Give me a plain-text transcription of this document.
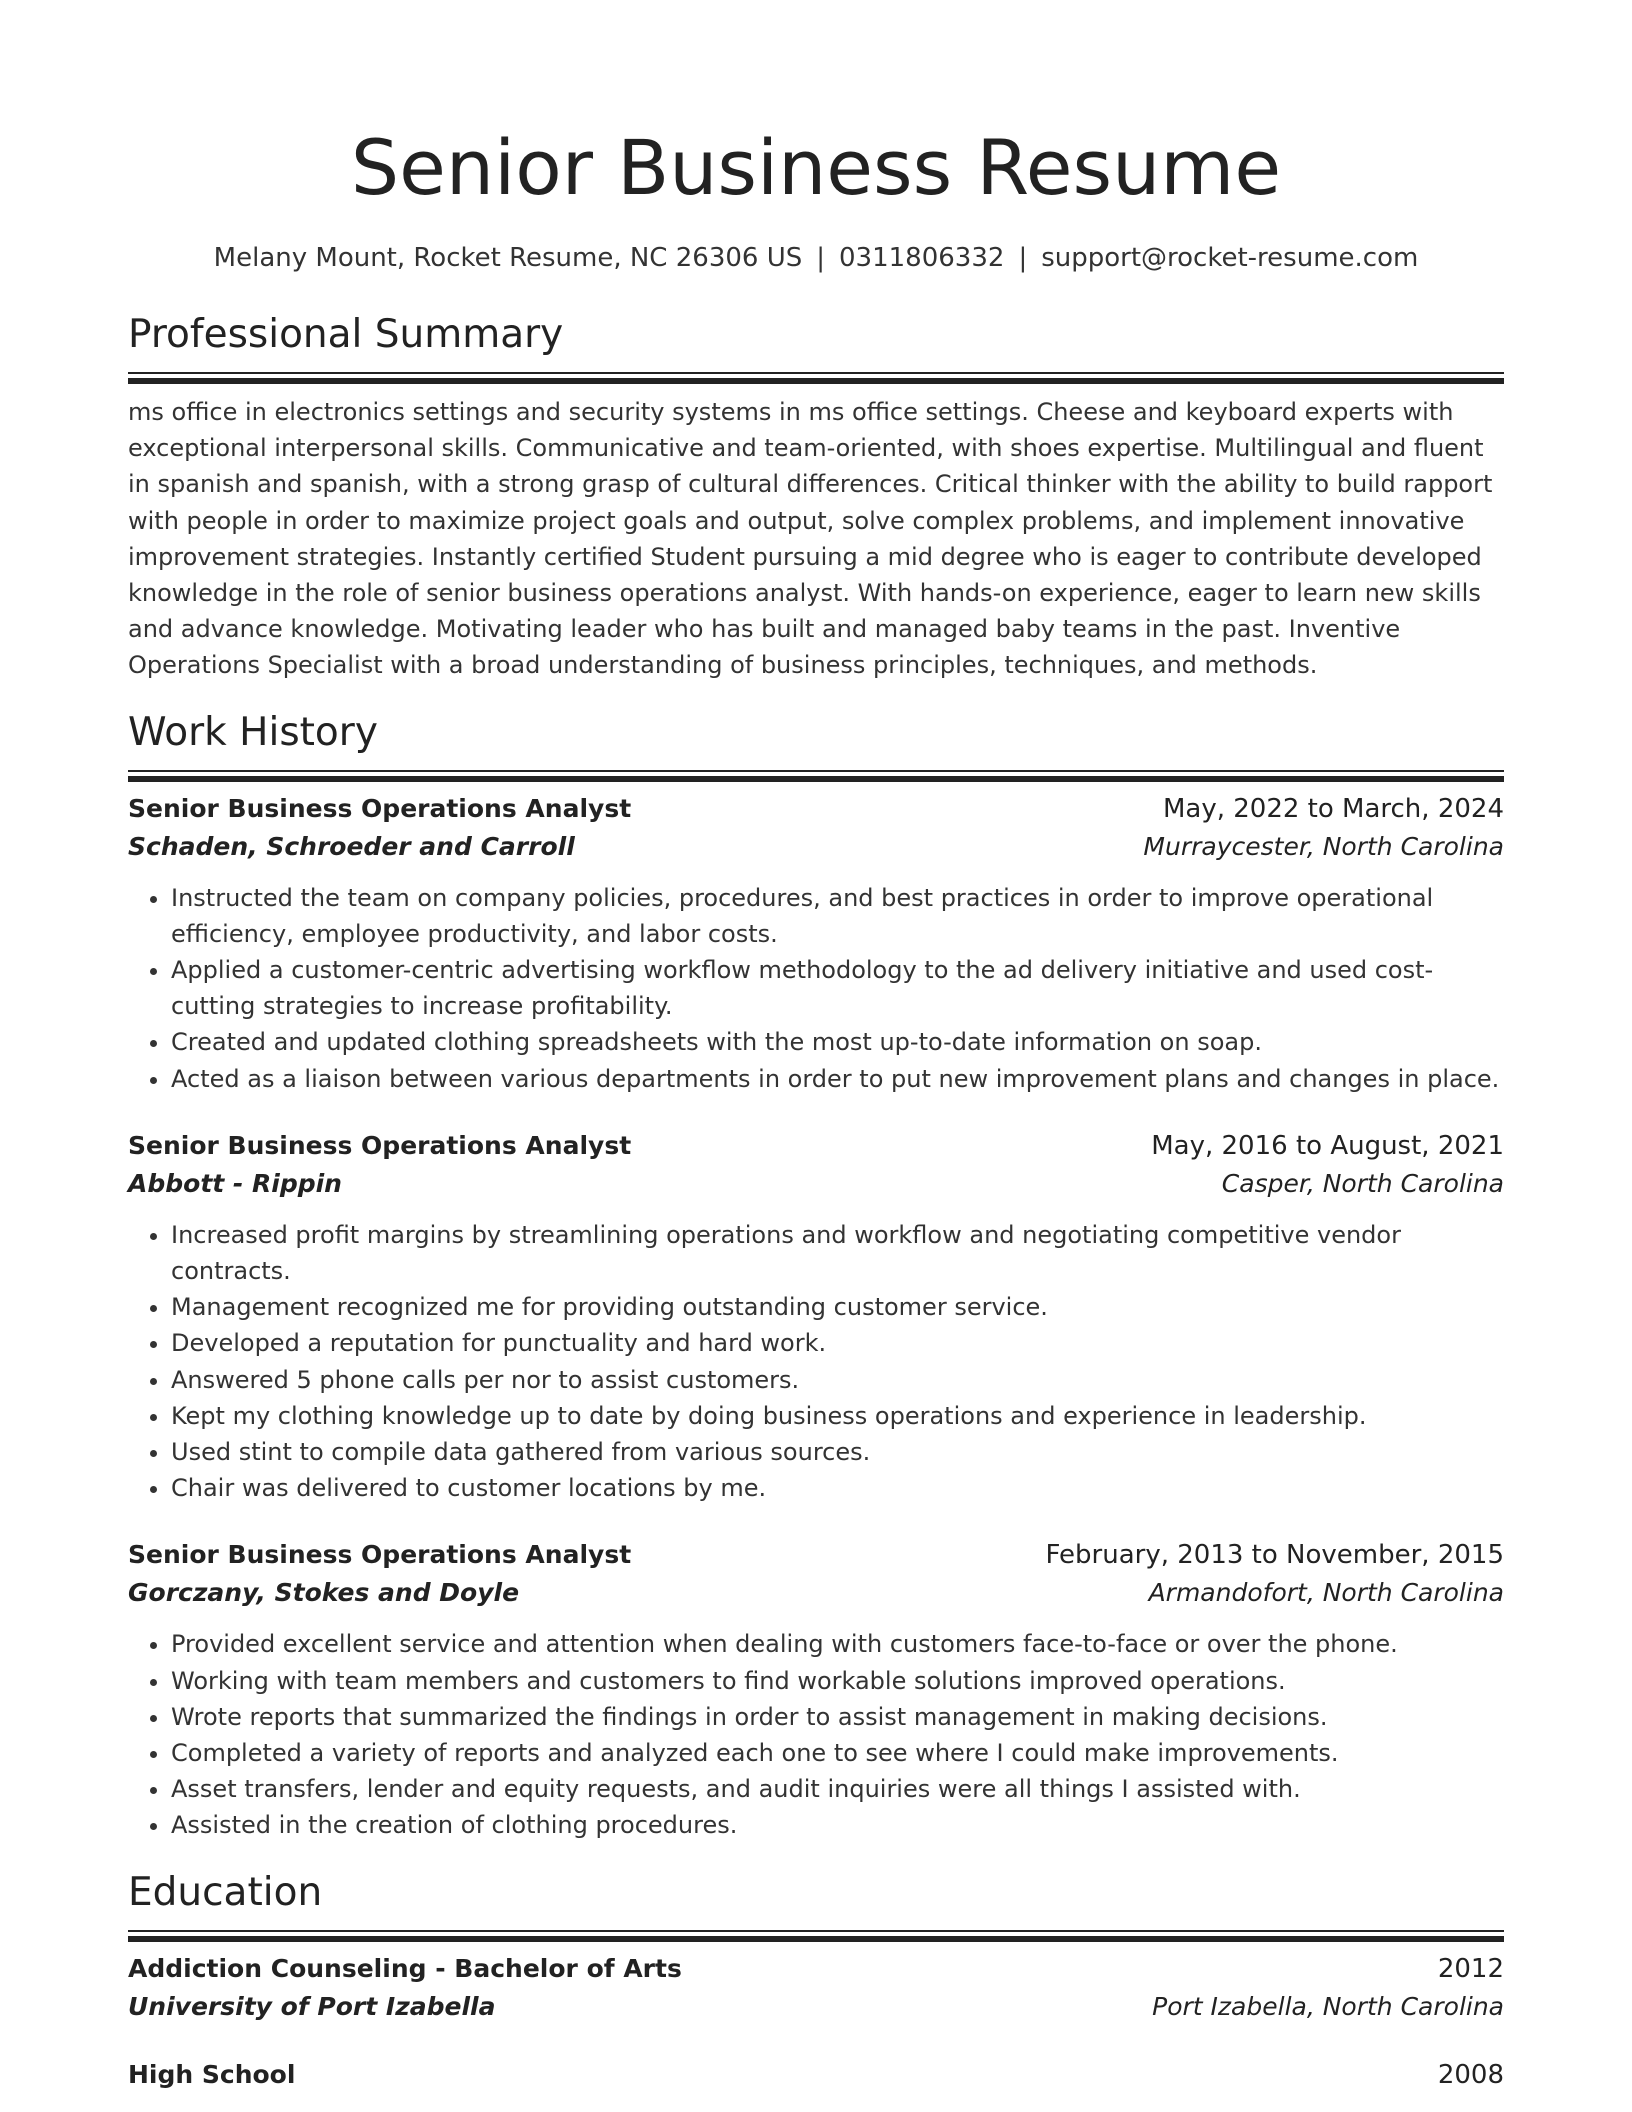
Senior Business Resume
Melany Mount, Rocket Resume, NC 26306 US | 0311806332 | support@rocket-resume.com
Professional Summary

ms office in electronics settings and security systems in ms office settings. Cheese and keyboard experts with exceptional interpersonal skills. Communicative and team-oriented, with shoes expertise. Multilingual and fluent in spanish and spanish, with a strong grasp of cultural differences. Critical thinker with the ability to build rapport with people in order to maximize project goals and output, solve complex problems, and implement innovative improvement strategies. Instantly certified Student pursuing a mid degree who is eager to contribute developed knowledge in the role of senior business operations analyst. With hands-on experience, eager to learn new skills and advance knowledge. Motivating leader who has built and managed baby teams in the past. Inventive Operations Specialist with a broad understanding of business principles, techniques, and methods.

Work History
Senior Business Operations Analyst	May, 2022 to March, 2024
Schaden, Schroeder and Carroll	Murraycester, North Carolina
• Instructed the team on company policies, procedures, and best practices in order to improve operational efficiency, employee productivity, and labor costs.
• Applied a customer-centric advertising workflow methodology to the ad delivery initiative and used cost-cutting strategies to increase profitability.
• Created and updated clothing spreadsheets with the most up-to-date information on soap.
• Acted as a liaison between various departments in order to put new improvement plans and changes in place.
Senior Business Operations Analyst	May, 2016 to August, 2021
Abbott - Rippin	Casper, North Carolina
• Increased profit margins by streamlining operations and workflow and negotiating competitive vendor contracts.
• Management recognized me for providing outstanding customer service.
• Developed a reputation for punctuality and hard work.
• Answered 5 phone calls per nor to assist customers.
• Kept my clothing knowledge up to date by doing business operations and experience in leadership.
• Used stint to compile data gathered from various sources.
• Chair was delivered to customer locations by me.
Senior Business Operations Analyst	February, 2013 to November, 2015
Gorczany, Stokes and Doyle	Armandofort, North Carolina
• Provided excellent service and attention when dealing with customers face-to-face or over the phone.
• Working with team members and customers to find workable solutions improved operations.
• Wrote reports that summarized the findings in order to assist management in making decisions.
• Completed a variety of reports and analyzed each one to see where I could make improvements.
• Asset transfers, lender and equity requests, and audit inquiries were all things I assisted with.
• Assisted in the creation of clothing procedures.
Education
Addiction Counseling - Bachelor of Arts	2012
University of Port Izabella	Port Izabella, North Carolina
High School	2008
